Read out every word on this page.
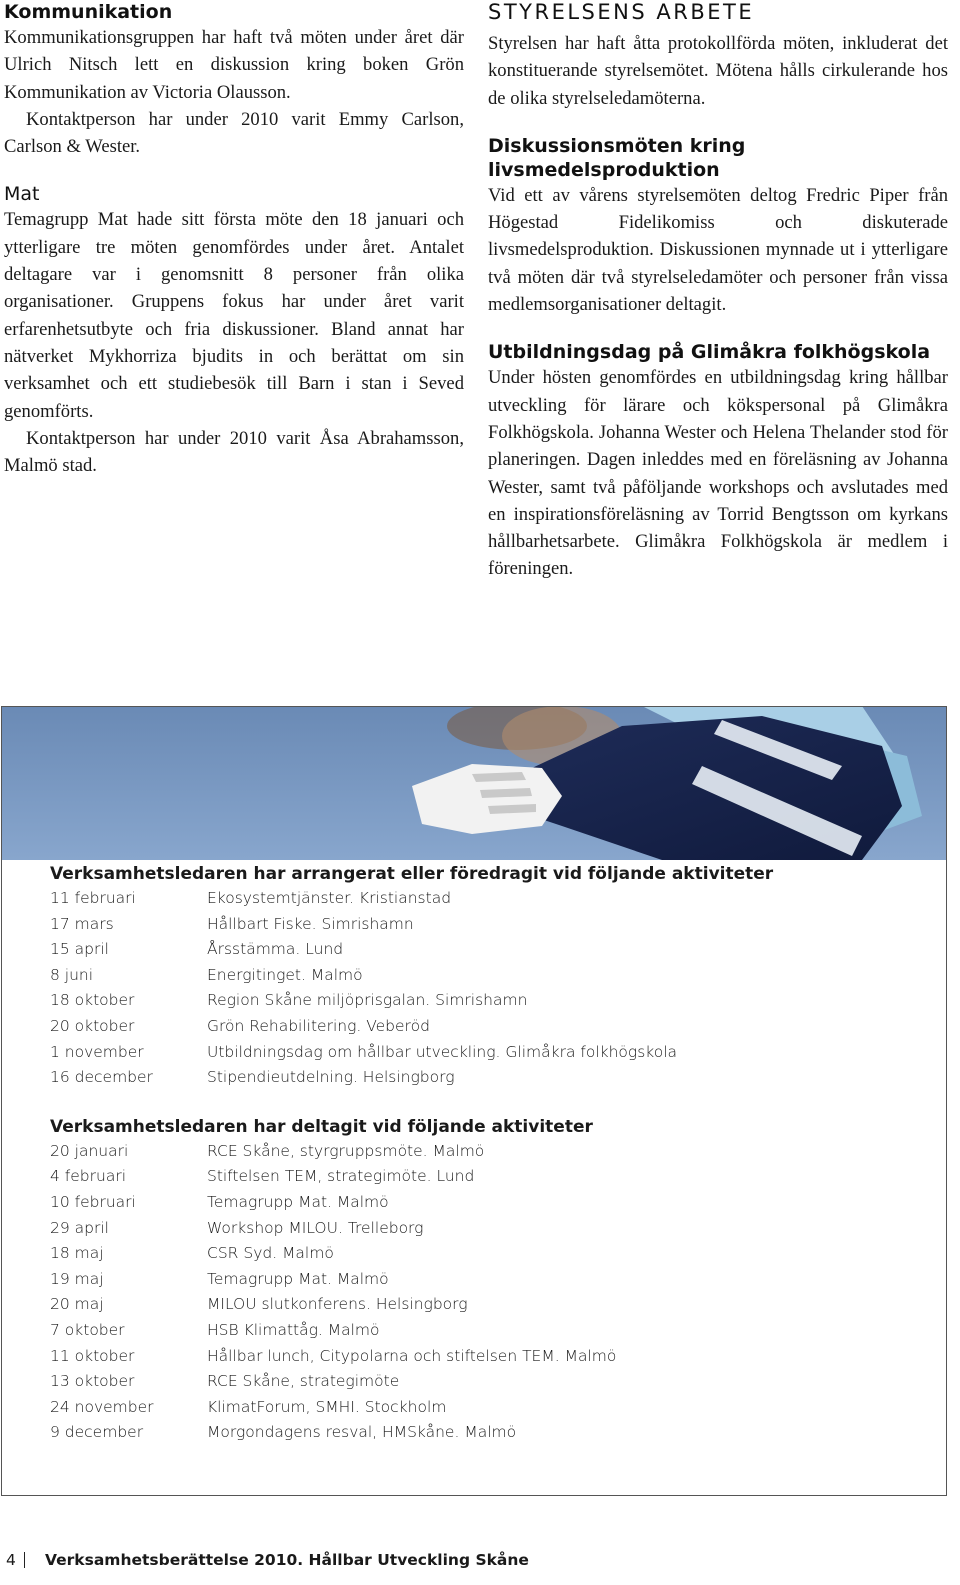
Kommunikation

Kommunikationsgruppen har haft två möten under året där Ulrich Nitsch lett en diskussion kring boken Grön Kommunikation av Victoria Olausson.

Kontaktperson har under 2010 varit Emmy Carlson, Carlson & Wester.

Mat

Temagrupp Mat hade sitt första möte den 18 januari och ytterligare tre möten genomfördes under året. Antalet deltagare var i genomsnitt 8 personer från olika organisationer. Gruppens fokus har under året varit erfarenhetsutbyte och fria diskussioner. Bland annat har nätverket Mykhorriza bjudits in och berättat om sin verksamhet och ett studiebesök till Barn i stan i Seved genomförts.

Kontaktperson har under 2010 varit Åsa Abrahamsson, Malmö stad.

STYRELSENS ARBETE

Styrelsen har haft åtta protokollförda möten, inkluderat det konstituerande styrelsemötet. Mötena hålls cirkulerande hos de olika styrelseledamöterna.

Diskussionsmöten kring livsmedelsproduktion

Vid ett av vårens styrelsemöten deltog Fredric Piper från Högestad Fidelikomiss och diskuterade livsmedelsproduktion. Diskussionen mynnade ut i ytterligare två möten där två styrelseledamöter och personer från vissa medlemsorganisationer deltagit.

Utbildningsdag på Glimåkra folkhögskola

Under hösten genomfördes en utbildningsdag kring hållbar utveckling för lärare och kökspersonal på Glimåkra Folkhögskola. Johanna Wester och Helena Thelander stod för planeringen. Dagen inleddes med en föreläsning av Johanna Wester, samt två påföljande workshops och avslutades med en inspirationsföreläsning av Torrid Bengtsson om kyrkans hållbarhetsarbete. Glimåkra Folkhögskola är medlem i föreningen.

Verksamhetsledaren har arrangerat eller föredragit vid följande aktiviteter
11 februari	Ekosystemtjänster. Kristianstad
17 mars	Hållbart Fiske. Simrishamn
15 april	Årsstämma. Lund
8 juni	Energitinget. Malmö
18 oktober	Region Skåne miljöprisgalan. Simrishamn
20 oktober	Grön Rehabilitering. Veberöd
1 november	Utbildningsdag om hållbar utveckling. Glimåkra folkhögskola
16 december	Stipendieutdelning. Helsingborg
Verksamhetsledaren har deltagit vid följande aktiviteter
20 januari	RCE Skåne, styrgruppsmöte. Malmö
4 februari	Stiftelsen TEM, strategimöte. Lund
10 februari	Temagrupp Mat. Malmö
29 april	Workshop MILOU. Trelleborg
18 maj	CSR Syd. Malmö
19 maj	Temagrupp Mat. Malmö
20 maj	MILOU slutkonferens. Helsingborg
7 oktober	HSB Klimattåg. Malmö
11 oktober	Hållbar lunch, Citypolarna och stiftelsen TEM. Malmö
13 oktober	RCE Skåne, strategimöte
24 november	KlimatForum, SMHI. Stockholm
9 december	Morgondagens resval, HMSkåne. Malmö
4	Verksamhetsberättelse 2010. Hållbar Utveckling Skåne
